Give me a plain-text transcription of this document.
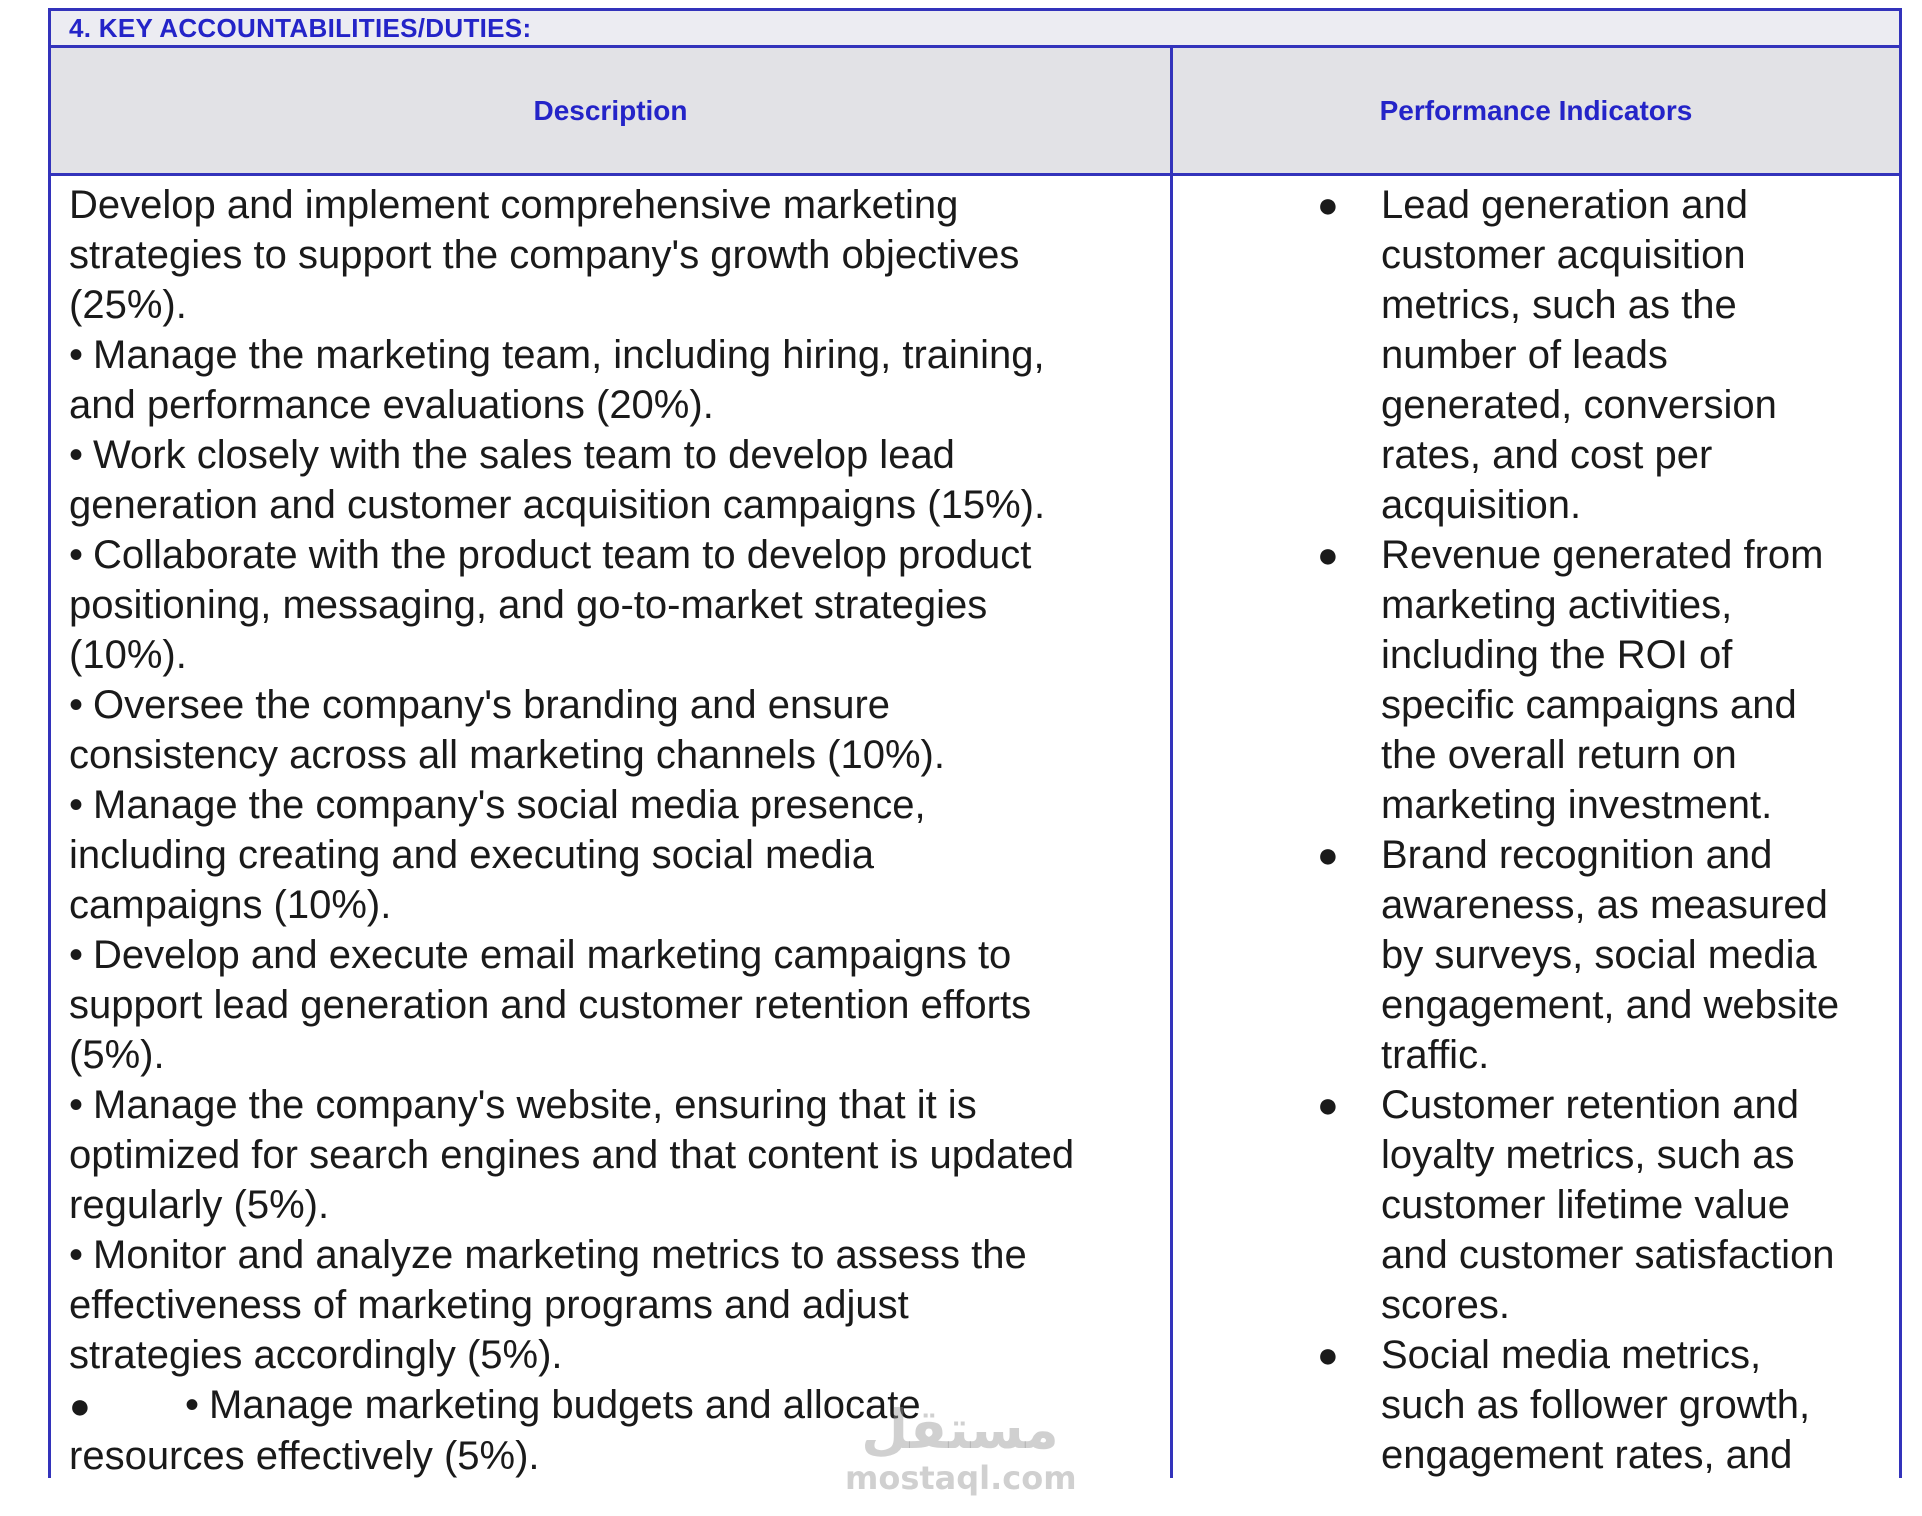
4. KEY ACCOUNTABILITIES/DUTIES:
Description	Performance Indicators
Develop and implement comprehensive marketing
strategies to support the company's growth objectives
(25%).
• Manage the marketing team, including hiring, training,
and performance evaluations (20%).
• Work closely with the sales team to develop lead
generation and customer acquisition campaigns (15%).
• Collaborate with the product team to develop product
positioning, messaging, and go-to-market strategies
(10%).
• Oversee the company's branding and ensure
consistency across all marketing channels (10%).
• Manage the company's social media presence,
including creating and executing social media
campaigns (10%).
• Develop and execute email marketing campaigns to
support lead generation and customer retention efforts
(5%).
• Manage the company's website, ensuring that it is
optimized for search engines and that content is updated
regularly (5%).
• Monitor and analyze marketing metrics to assess the
effectiveness of marketing programs and adjust
strategies accordingly (5%).
● • Manage marketing budgets and allocate
resources effectively (5%).
● Lead generation and
customer acquisition
metrics, such as the
number of leads
generated, conversion
rates, and cost per
acquisition.
● Revenue generated from
marketing activities,
including the ROI of
specific campaigns and
the overall return on
marketing investment.
● Brand recognition and
awareness, as measured
by surveys, social media
engagement, and website
traffic.
● Customer retention and
loyalty metrics, such as
customer lifetime value
and customer satisfaction
scores.
● Social media metrics,
such as follower growth,
engagement rates, and
مستقل
mostaql.com
